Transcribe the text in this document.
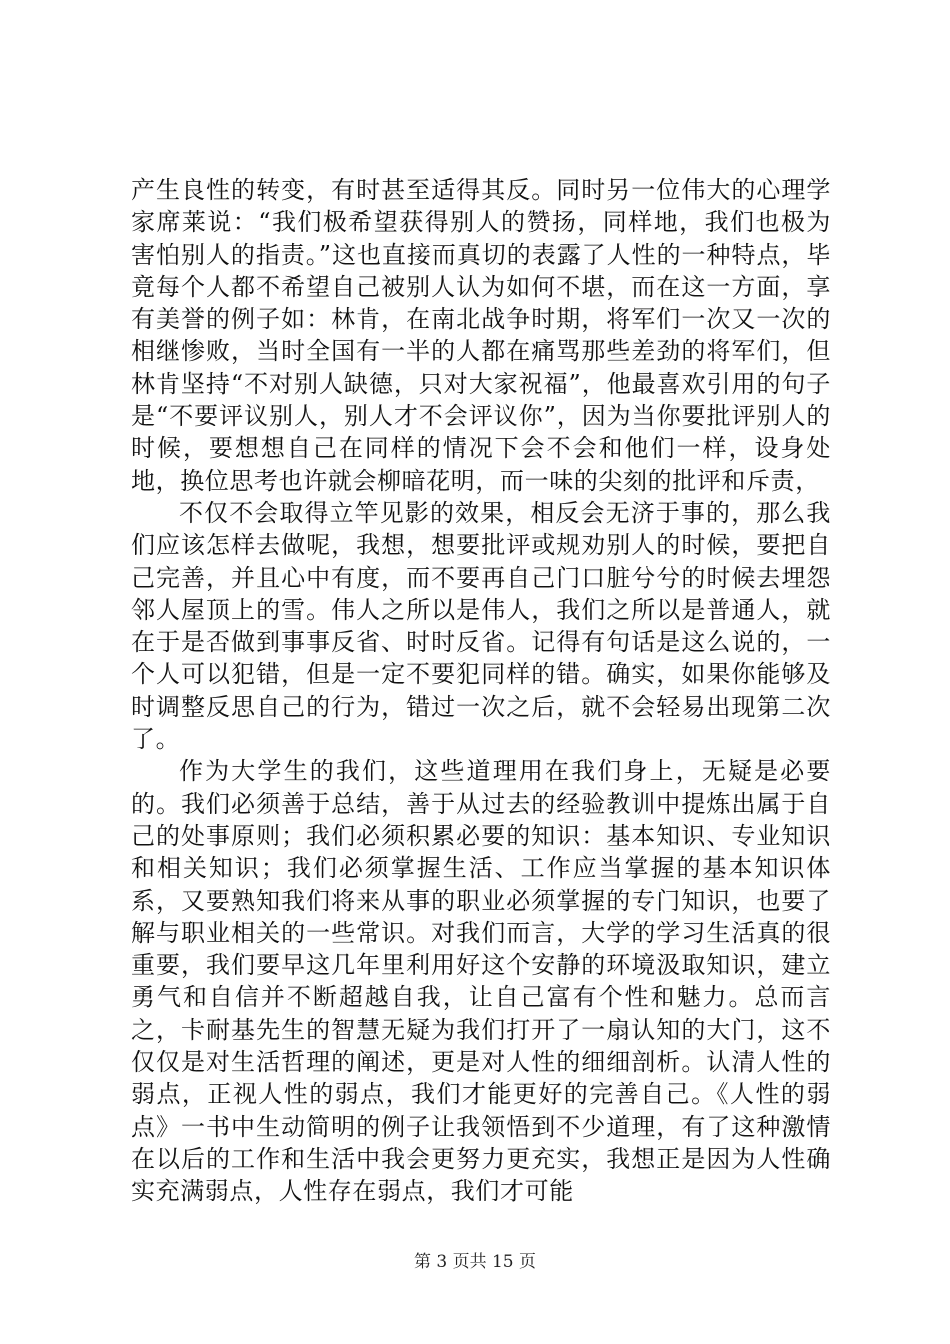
产生良性的转变，有时甚至适得其反。同时另一位伟大的心理学家席莱说：“我们极希望获得别人的赞扬，同样地，我们也极为害怕别人的指责。”这也直接而真切的表露了人性的一种特点，毕竟每个人都不希望自己被别人认为如何不堪，而在这一方面，享有美誉的例子如：林肯，在南北战争时期，将军们一次又一次的相继惨败，当时全国有一半的人都在痛骂那些差劲的将军们，但林肯坚持“不对别人缺德，只对大家祝福”，他最喜欢引用的句子是“不要评议别人，别人才不会评议你”，因为当你要批评别人的时候，要想想自己在同样的情况下会不会和他们一样，设身处地，换位思考也许就会柳暗花明，而一味的尖刻的批评和斥责，

不仅不会取得立竿见影的效果，相反会无济于事的，那么我们应该怎样去做呢，我想，想要批评或规劝别人的时候，要把自己完善，并且心中有度，而不要再自己门口脏兮兮的时候去埋怨邻人屋顶上的雪。伟人之所以是伟人，我们之所以是普通人，就在于是否做到事事反省、时时反省。记得有句话是这么说的，一个人可以犯错，但是一定不要犯同样的错。确实，如果你能够及时调整反思自己的行为，错过一次之后，就不会轻易出现第二次了。

作为大学生的我们，这些道理用在我们身上，无疑是必要的。我们必须善于总结，善于从过去的经验教训中提炼出属于自己的处事原则；我们必须积累必要的知识：基本知识、专业知识和相关知识；我们必须掌握生活、工作应当掌握的基本知识体系，又要熟知我们将来从事的职业必须掌握的专门知识，也要了解与职业相关的一些常识。对我们而言，大学的学习生活真的很重要，我们要早这几年里利用好这个安静的环境汲取知识，建立勇气和自信并不断超越自我，让自己富有个性和魅力。总而言之，卡耐基先生的智慧无疑为我们打开了一扇认知的大门，这不仅仅是对生活哲理的阐述，更是对人性的细细剖析。认清人性的弱点，正视人性的弱点，我们才能更好的完善自己。《人性的弱点》一书中生动简明的例子让我领悟到不少道理，有了这种激情在以后的工作和生活中我会更努力更充实，我想正是因为人性确实充满弱点，人性存在弱点，我们才可能

第 3 页共 15 页
